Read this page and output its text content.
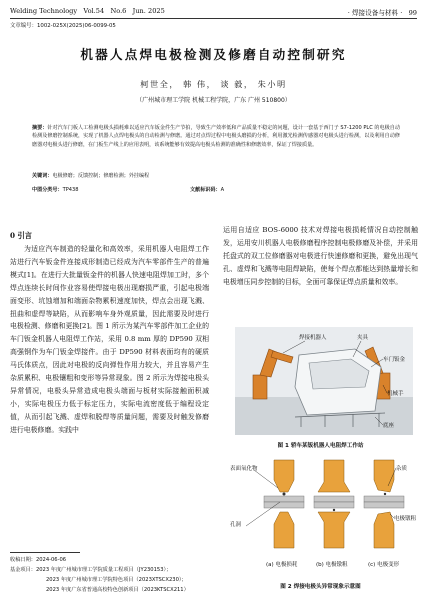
Welding Technology Vol.54 No.6 Jun. 2025	· 焊接设备与材料 · 99
文章编号：1002-025X(2025)06-0099-05
机器人点焊电极检测及修磨自动控制研究
柯世全， 韩 伟， 谈 毅， 朱小明
（广州城市理工学院 机械工程学院，广东 广州 510800）
摘要：针对汽车门板人工检测电极头损耗难以适应汽车钣金件生产节拍，导致生产效率低和产品质量不稳定的问题，设计一套基于西门子 S7-1200 PLC 的电极自动检测及修磨控制系统，实现了机器人点焊电极头的自动检测与修磨。通过对点焊过程中电极头磨损的分析，利用激光检测传感器对电极头进行检测，以及利用自动修磨器对电极头进行修磨，在门板生产线上的应用表明，该系统能够有效提高电极头检测的准确性和修磨效率，保证了焊接质量。
关键词：电极修磨；反馈控制；修磨检测；外挂编程
中图分类号：TP438	文献标识码：A
0 引言
为适应汽车制造的轻量化和高效率，采用机器人电阻焊工作站进行汽车钣金件连接成形制造已经成为汽车零部件生产的普遍模式[1]。在进行大批量钣金件的机器人快速电阻焊加工时，多个焊点连续长时间作业容易使焊接电极出现磨损严重，引起电极端面变形、坑蚀增加和端面杂物累积速度加快，焊点会出现飞溅、扭曲和虚焊等缺陷，从而影响车身外观质量，因此需要及时进行电极检测、修磨和更换[2]。图 1 所示为某汽车零部件加工企业的车门钣金机器人电阻焊工作站，采用 0.8 mm 厚的 DP590 双相高强钢作为车门钣金焊接件。由于 DP590 材料表面均有的硬质马氏体质点，因此对电极的反向弹性作用力较大，并且容易产生杂质累积、电极镶粗和变形等异常现象。图 2 所示为焊接电极头异常情况，电极头异常造成电极头端面与板材实际接触面积减小，实际电极压力低于标定压力，实际电流密度低于编程设定值，从而引起飞溅、虚焊和脱焊等质量问题，需要及时触发修磨进行电极修磨。实践中
运用自适应 BOS-6000 技术对焊接电极损耗情况自动控制触发，运用安川机器人电极修磨程序控制电极修磨及补偿，并采用托盘式的双工位修磨器对电极进行快速修磨和更换，避免出现气孔、虚焊和飞溅等电阻焊缺陷，使每个焊点都能达到热量增长和电极增压同步控制的目标，全面可靠保证焊点质量和效率。
焊接机器人	夹具
车门钣金
机械手
底座
图 1 轿车某钣机器人电阻焊工作站
表面氧化物
孔洞
杂质
电极镦粗
(a) 电极损耗	(b) 电极镦粗	(c) 电极变形
图 2 焊接电极头异常现象示意图
收稿日期：2024-06-06
基金项目：2023 年度广州城市理工学院质量工程项目（JY230153）；
2023 年度广州城市理工学院特色项目（2023XTSCX230）；
2023 年度广东省普通高校特色创新项目（2023KTSCX211）
